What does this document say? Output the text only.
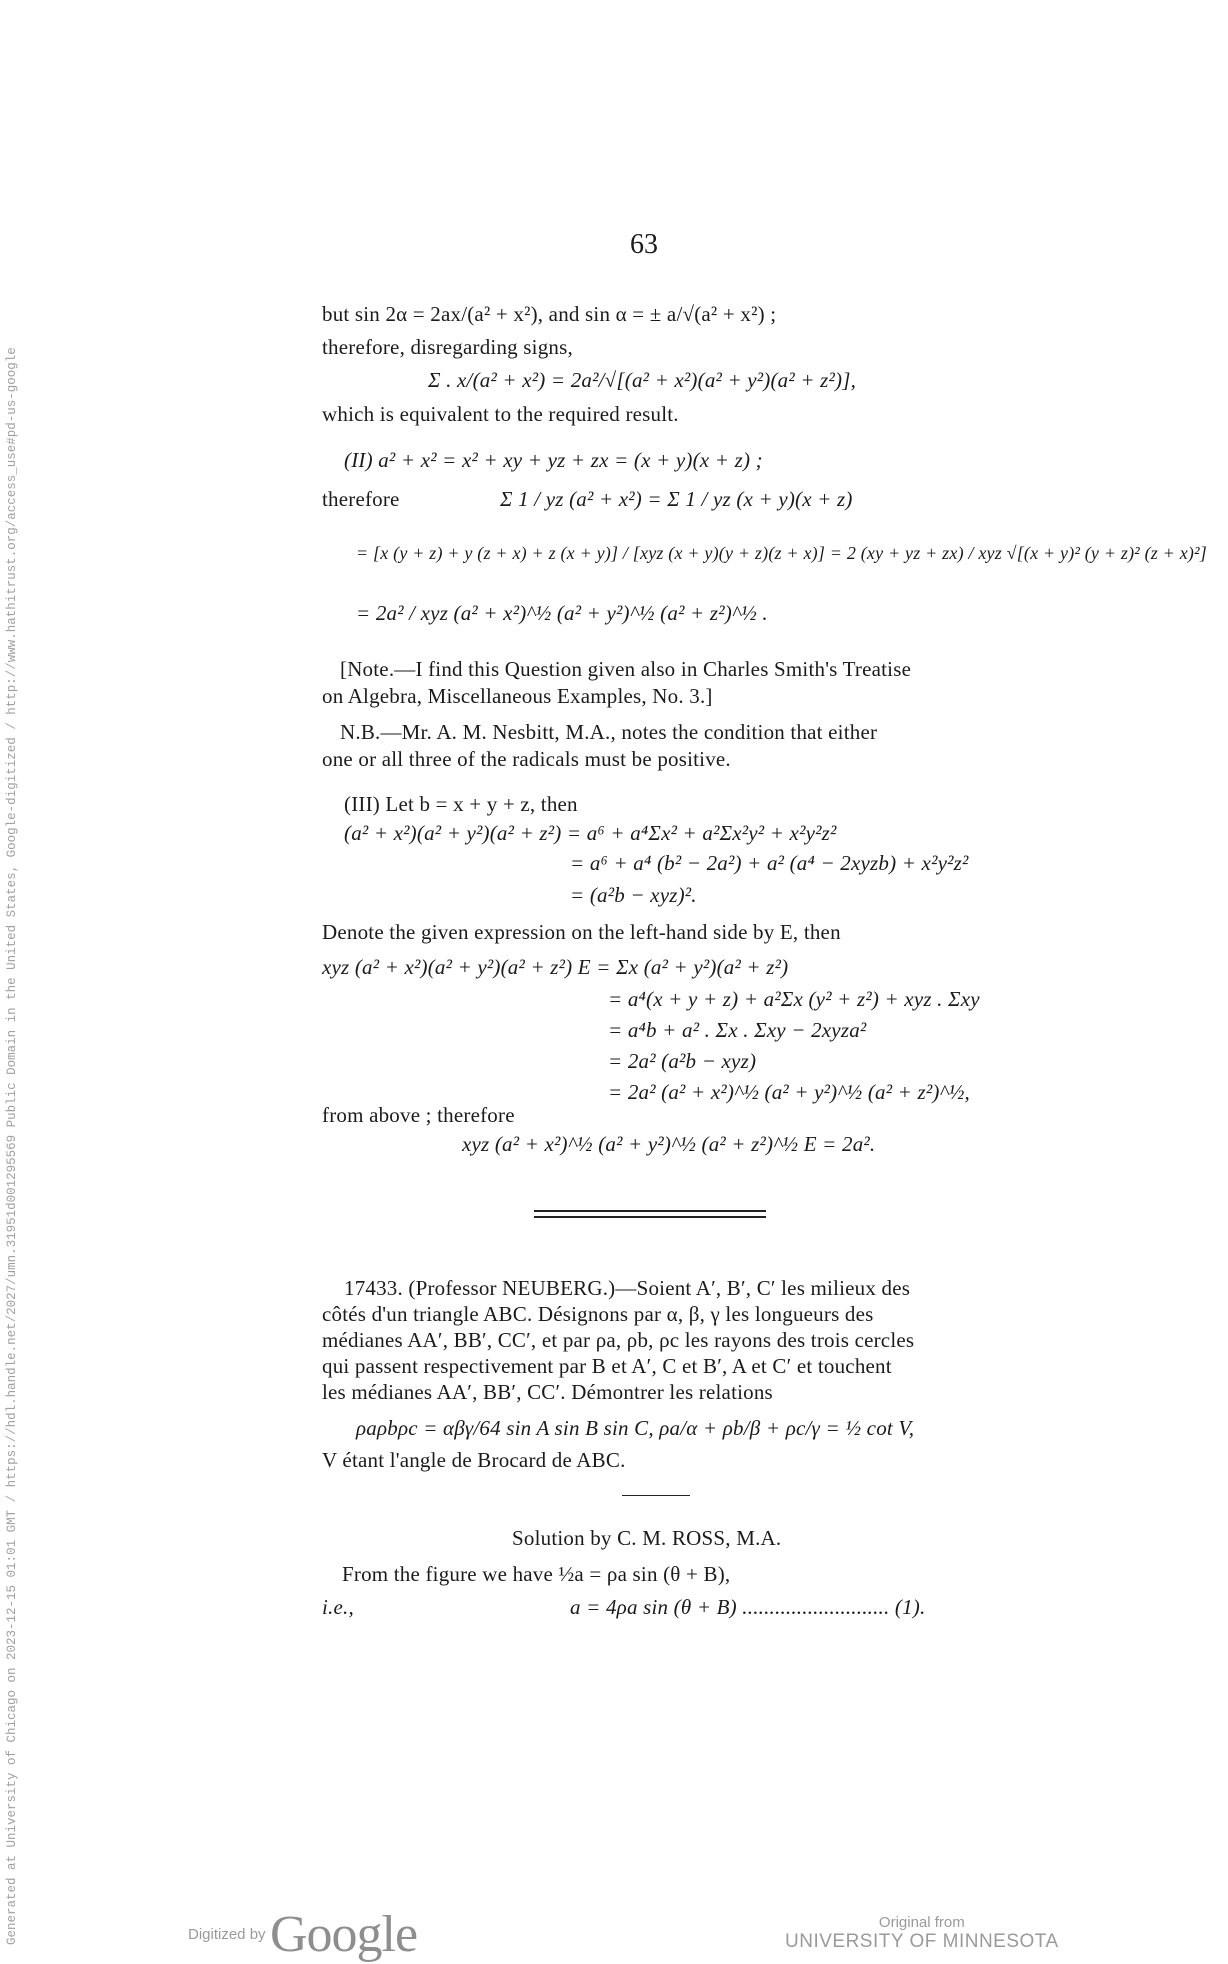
63
but sin 2α = 2ax/(a² + x²), and sin α = ± a/√(a² + x²) ;
therefore, disregarding signs,
Σ . x/(a² + x²) = 2a²/√[(a² + x²)(a² + y²)(a² + z²)],
which is equivalent to the required result.
(II) a² + x² = x² + xy + yz + zx = (x + y)(x + z) ;
therefore	Σ 1 / yz (a² + x²) = Σ 1 / yz (x + y)(x + z)
= [x (y + z) + y (z + x) + z (x + y)] / [xyz (x + y)(y + z)(z + x)] = 2 (xy + yz + zx) / xyz √[(x + y)² (y + z)² (z + x)²]
= 2a² / xyz (a² + x²)^½ (a² + y²)^½ (a² + z²)^½ .
[Note.—I find this Question given also in Charles Smith's Treatise
on Algebra, Miscellaneous Examples, No. 3.]
N.B.—Mr. A. M. Nesbitt, M.A., notes the condition that either
one or all three of the radicals must be positive.
(III) Let b = x + y + z, then
(a² + x²)(a² + y²)(a² + z²) = a⁶ + a⁴Σx² + a²Σx²y² + x²y²z²
= a⁶ + a⁴ (b² − 2a²) + a² (a⁴ − 2xyzb) + x²y²z²
= (a²b − xyz)².
Denote the given expression on the left-hand side by E, then
xyz (a² + x²)(a² + y²)(a² + z²) E = Σx (a² + y²)(a² + z²)
= a⁴(x + y + z) + a²Σx (y² + z²) + xyz . Σxy
= a⁴b + a² . Σx . Σxy − 2xyza²
= 2a² (a²b − xyz)
= 2a² (a² + x²)^½ (a² + y²)^½ (a² + z²)^½,
from above ; therefore
xyz (a² + x²)^½ (a² + y²)^½ (a² + z²)^½ E = 2a².
17433. (Professor NEUBERG.)—Soient A′, B′, C′ les milieux des
côtés d'un triangle ABC. Désignons par α, β, γ les longueurs des
médianes AA′, BB′, CC′, et par ρa, ρb, ρc les rayons des trois cercles
qui passent respectivement par B et A′, C et B′, A et C′ et touchent
les médianes AA′, BB′, CC′. Démontrer les relations
ρaρbρc = αβγ/64 sin A sin B sin C, ρa/α + ρb/β + ρc/γ = ½ cot V,
V étant l'angle de Brocard de ABC.
Solution by C. M. ROSS, M.A.
From the figure we have ½a = ρa sin (θ + B),
i.e.,	a = 4ρa sin (θ + B) ........................... (1).
Generated at University of Chicago on 2023-12-15 01:01 GMT / https://hdl.handle.net/2027/umn.31951d001295569 Public Domain in the United States, Google-digitized / http://www.hathitrust.org/access_use#pd-us-google	Digitized by Google	Original from
UNIVERSITY OF MINNESOTA
